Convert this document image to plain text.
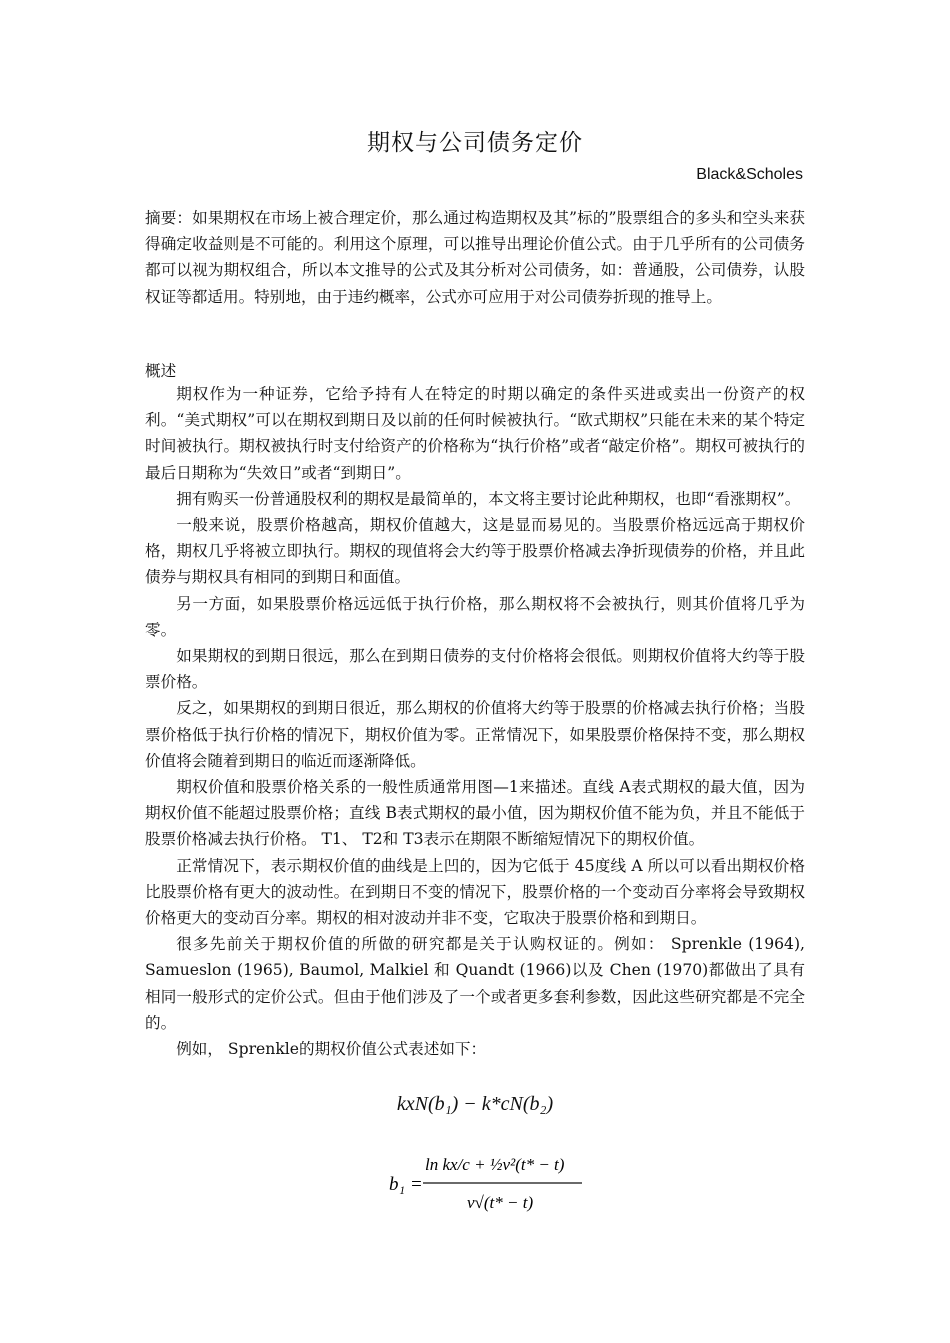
期权与公司债务定价
Black&Scholes
摘要：如果期权在市场上被合理定价，那么通过构造期权及其”标的”股票组合的多头和空头来获得确定收益则是不可能的。利用这个原理，可以推导出理论价值公式。由于几乎所有的公司债务都可以视为期权组合，所以本文推导的公式及其分析对公司债务，如：普通股，公司债券，认股权证等都适用。特别地，由于违约概率，公式亦可应用于对公司债券折现的推导上。
概述

期权作为一种证券，它给予持有人在特定的时期以确定的条件买进或卖出一份资产的权利。“美式期权”可以在期权到期日及以前的任何时候被执行。“欧式期权”只能在未来的某个特定时间被执行。期权被执行时支付给资产的价格称为“执行价格”或者“敲定价格”。期权可被执行的最后日期称为“失效日”或者“到期日”。

拥有购买一份普通股权利的期权是最简单的，本文将主要讨论此种期权，也即“看涨期权”。

一般来说，股票价格越高，期权价值越大，这是显而易见的。当股票价格远远高于期权价格，期权几乎将被立即执行。期权的现值将会大约等于股票价格减去净折现债券的价格，并且此债券与期权具有相同的到期日和面值。

另一方面，如果股票价格远远低于执行价格，那么期权将不会被执行，则其价值将几乎为零。

如果期权的到期日很远，那么在到期日债券的支付价格将会很低。则期权价值将大约等于股票价格。

反之，如果期权的到期日很近，那么期权的价值将大约等于股票的价格减去执行价格；当股票价格低于执行价格的情况下，期权价值为零。正常情况下，如果股票价格保持不变，那么期权价值将会随着到期日的临近而逐渐降低。

期权价值和股票价格关系的一般性质通常用图—1来描述。直线 A表式期权的最大值，因为期权价值不能超过股票价格；直线 B表式期权的最小值，因为期权价值不能为负，并且不能低于股票价格减去执行价格。 T1、 T2和 T3表示在期限不断缩短情况下的期权价值。

正常情况下，表示期权价值的曲线是上凹的，因为它低于 45度线 A 所以可以看出期权价格比股票价格有更大的波动性。在到期日不变的情况下，股票价格的一个变动百分率将会导致期权价格更大的变动百分率。期权的相对波动并非不变，它取决于股票价格和到期日。

很多先前关于期权价值的所做的研究都是关于认购权证的。例如： Sprenkle (1964), Samueslon (1965), Baumol, Malkiel 和 Quandt (1966)以及 Chen (1970)都做出了具有相同一般形式的定价公式。但由于他们涉及了一个或者更多套利参数，因此这些研究都是不完全的。

例如， Sprenkle的期权价值公式表述如下：

kxN(b₁) − k*cN(b₂)
b₁ =
ln kx/c + ½v²(t* − t)
v√(t* − t)
